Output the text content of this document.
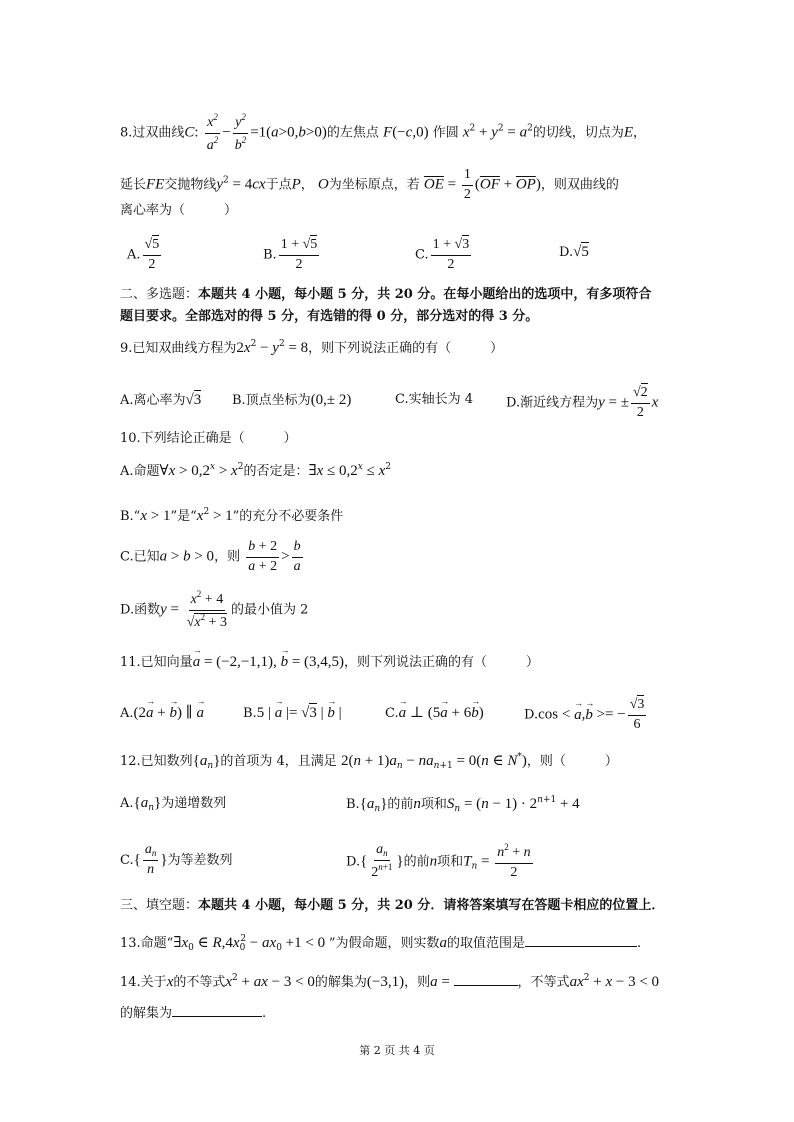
8.过双曲线C: $\frac{x^2}{a^2} - \frac{y^2}{b^2} =1(a>0,b>0)$的左焦点 F(−c,0) 作圆 $x^2 + y^2 = a^2$的切线，切点为E，
延长FE交抛物线$y^2 = 4cx$于点P， O为坐标原点，若 $\overline{OE} = \frac{1}{2} (\overline{OF} + \overline{OP})$，则双曲线的
离心率为（　　　）
A. $\frac{√5}{2}$	B. $\frac{1 + √5}{2}$	C. $\frac{1 + √3}{2}$	D.√5
二、多选题：本题共 4 小题，每小题 5 分，共 20 分。在每小题给出的选项中，有多项符合
题目要求。全部选对的得 5 分，有选错的得 0 分，部分选对的得 3 分。
9.已知双曲线方程为$2x^2 - y^2 = 8$，则下列说法正确的有（　　　）
A.离心率为√3 B.顶点坐标为(0,± 2)	C.实轴长为 4	D.渐近线方程为y = ± $\frac{√2}{2}$ x
10.下列结论正确是（　　　）
A.命题∀x > $0,2^x > x^2$的否定是：∃x ≤ $0,2^x \le x^2$
B.“x > 1”是“$x^2 > 1$”的充分不必要条件
C.已知a > b > 0，则 $\frac{b + 2}{a + 2} > \frac{b}{a}$
D.函数$y = \frac{x^2 + 4}{√x^2 + 3}$ 的最小值为 2
11.已知向量→ a = (−2,−1,1), → b = (3,4,5)，则下列说法正确的有（　　　）
A.(2→ a + → b) ∥ → a	B.5 | → a |= √3 | → b |	C.→ a ⊥ (5→ a + 6→ b)	D.cos < → a,→ b >= − $\frac{√3}{6}$
12.已知数列$\{a_n\}$的首项为 4，且满足 $2(n + 1)a_n - na_{n+1} = 0(n$ ∈ N*)，则（　　　）
$A.\{a_n\}$为递增数列	$B.\{a_n\}$的前n项和$S_n = (n - 1) \cdot 2^{n+1} + 4$
$C.\{ \frac{a_n}{n}$ }为等差数列	$D.\{ \frac{a_n}{2^{n+1}}$ }的前n项和$T_n = \frac{n^2 + n}{2}$
三、填空题：本题共 4 小题，每小题 5 分，共 20 分．请将答案填写在答题卡相应的位置上．
13.命题“$\exists x_0$ ∈ $R,4x_0^2 - ax_0 +1 < 0$ ”为假命题，则实数a的取值范围是	.
14.关于x的不等式$x^2$ + ax − 3 < 0的解集为(−3,1)，则a =	，不等式$ax^2 + x - 3 < 0$
的解集为	.
第 2 页 共 4 页
